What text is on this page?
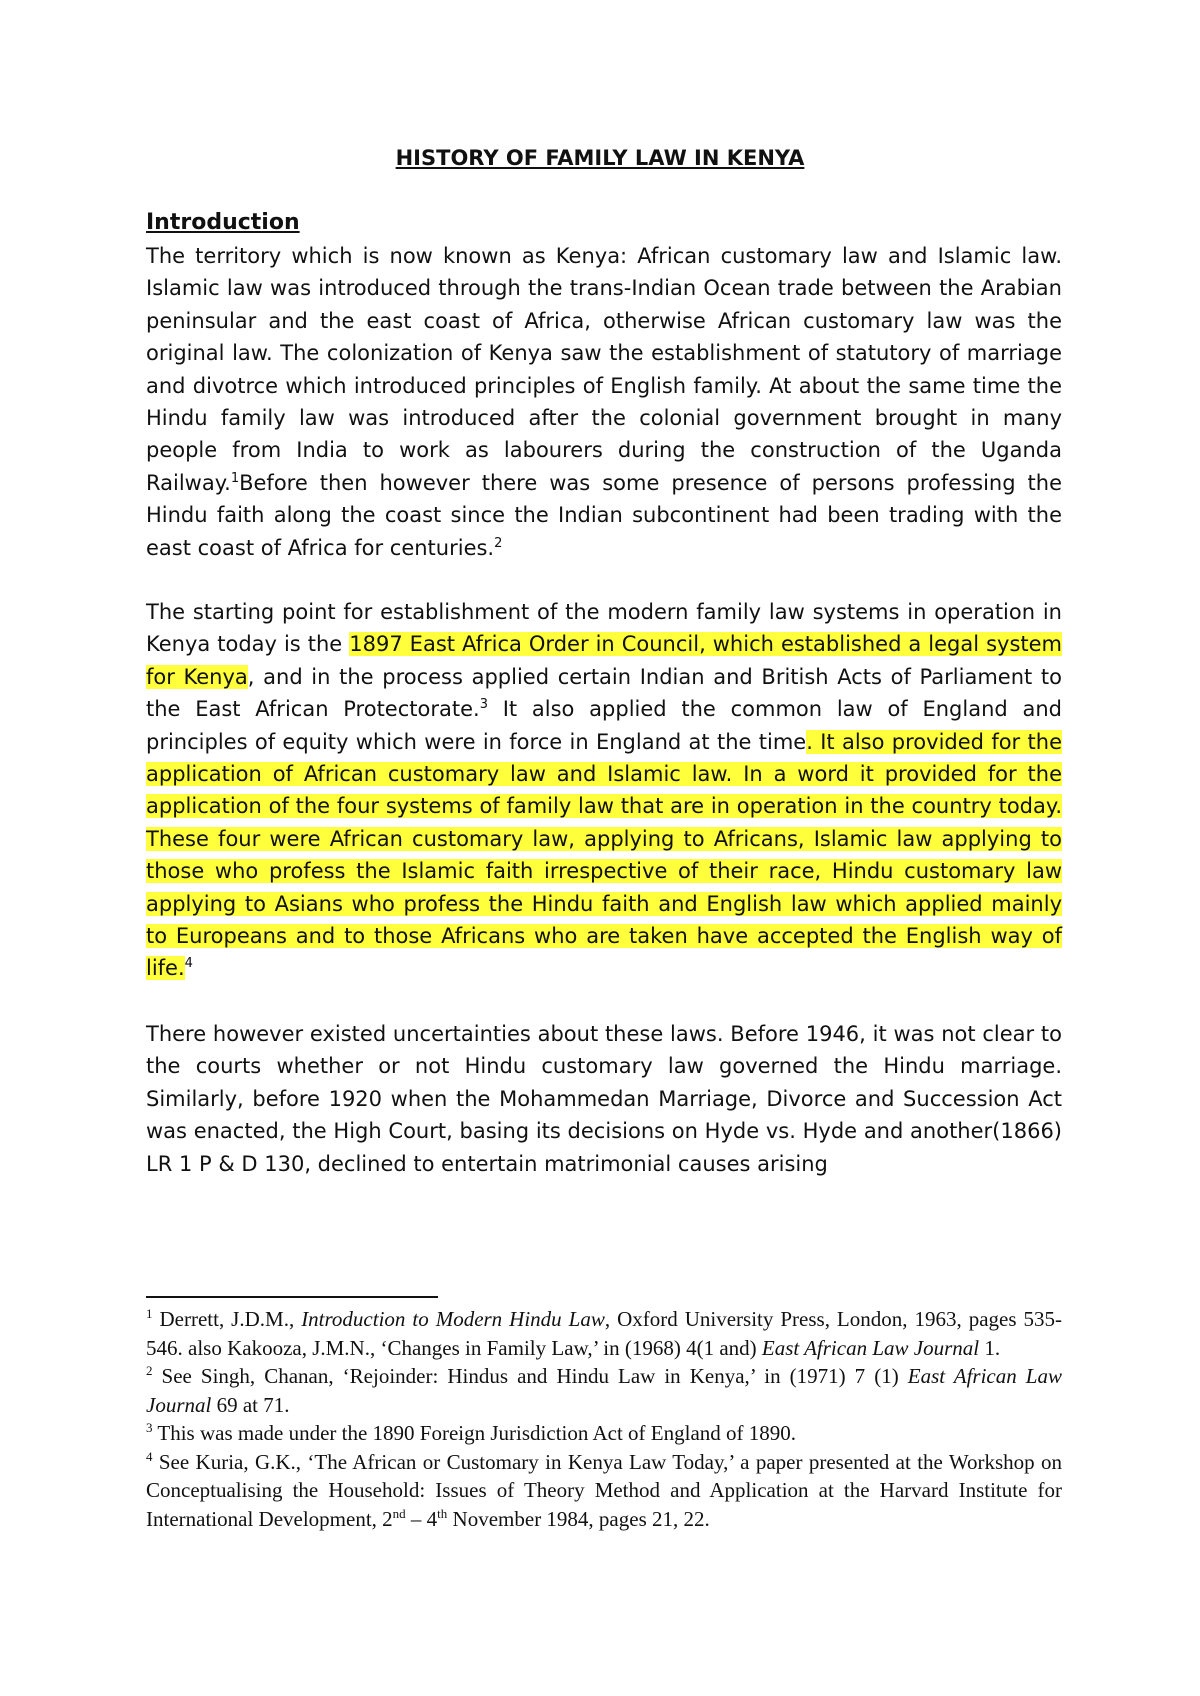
HISTORY OF FAMILY LAW IN KENYA
Introduction

The territory which is now known as Kenya: African customary law and Islamic law. Islamic law was introduced through the trans-Indian Ocean trade between the Arabian peninsular and the east coast of Africa, otherwise African customary law was the original law. The colonization of Kenya saw the establishment of statutory of marriage and divotrce which introduced principles of English family. At about the same time the Hindu family law was introduced after the colonial government brought in many people from India to work as labourers during the construction of the Uganda Railway.$^1$Before then however there was some presence of persons professing the Hindu faith along the coast since the Indian subcontinent had been trading with the east coast of Africa for centuries.$^2$

The starting point for establishment of the modern family law systems in operation in Kenya today is the 1897 East Africa Order in Council, which established a legal system for Kenya, and in the process applied certain Indian and British Acts of Parliament to the East African Protectorate.$^3$ It also applied the common law of England and principles of equity which were in force in England at the time. It also provided for the application of African customary law and Islamic law. In a word it provided for the application of the four systems of family law that are in operation in the country today. These four were African customary law, applying to Africans, Islamic law applying to those who profess the Islamic faith irrespective of their race, Hindu customary law applying to Asians who profess the Hindu faith and English law which applied mainly to Europeans and to those Africans who are taken have accepted the English way of life.$^4$

There however existed uncertainties about these laws. Before 1946, it was not clear to the courts whether or not Hindu customary law governed the Hindu marriage. Similarly, before 1920 when the Mohammedan Marriage, Divorce and Succession Act was enacted, the High Court, basing its decisions on Hyde vs. Hyde and another(1866) LR 1 P & D 130, declined to entertain matrimonial causes arising

$^1$ Derrett, J.D.M., Introduction to Modern Hindu Law, Oxford University Press, London, 1963, pages 535-546. also Kakooza, J.M.N., ‘Changes in Family Law,’ in (1968) 4(1 and) East African Law Journal 1.

$^2$ See Singh, Chanan, ‘Rejoinder: Hindus and Hindu Law in Kenya,’ in (1971) 7 (1) East African Law Journal 69 at 71.

$^3$ This was made under the 1890 Foreign Jurisdiction Act of England of 1890.

$^4$ See Kuria, G.K., ‘The African or Customary in Kenya Law Today,’ a paper presented at the Workshop on Conceptualising the Household: Issues of Theory Method and Application at the Harvard Institute for International Development, 2nd – 4th November 1984, pages 21, 22.
